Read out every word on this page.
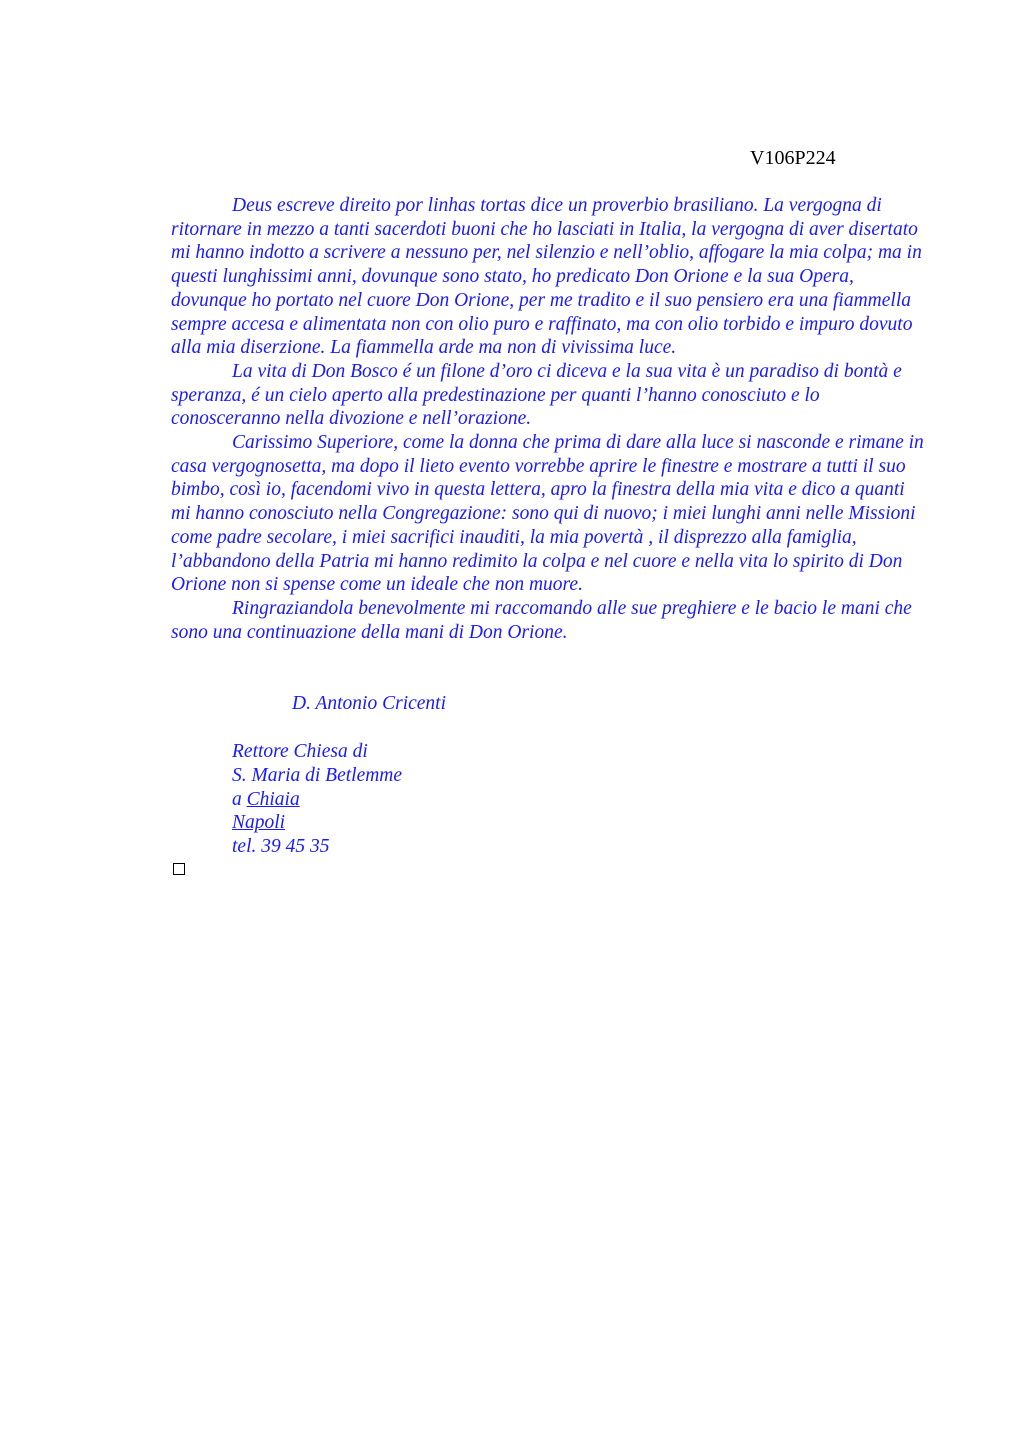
V106P224

Deus escreve direito por linhas tortas dice un proverbio brasiliano. La vergogna di ritornare in mezzo a tanti sacerdoti buoni che ho lasciati in Italia, la vergogna di aver disertato mi hanno indotto a scrivere a nessuno per, nel silenzio e nell’oblio, affogare la mia colpa; ma in questi lunghissimi anni, dovunque sono stato, ho predicato Don Orione e la sua Opera, dovunque ho portato nel cuore Don Orione, per me tradito e il suo pensiero era una fiammella sempre accesa e alimentata non con olio puro e raffinato, ma con olio torbido e impuro dovuto alla mia diserzione. La fiammella arde ma non di vivissima luce.

La vita di Don Bosco é un filone d’oro ci diceva e la sua vita è un paradiso di bontà e speranza, é un cielo aperto alla predestinazione per quanti l’hanno conosciuto e lo conosceranno nella divozione e nell’orazione.

Carissimo Superiore, come la donna che prima di dare alla luce si nasconde e rimane in casa vergognosetta, ma dopo il lieto evento vorrebbe aprire le finestre e mostrare a tutti il suo bimbo, così io, facendomi vivo in questa lettera, apro la finestra della mia vita e dico a quanti mi hanno conosciuto nella Congregazione: sono qui di nuovo; i miei lunghi anni nelle Missioni come padre secolare, i miei sacrifici inauditi, la mia povertà , il disprezzo alla famiglia, l’abbandono della Patria mi hanno redimito la colpa e nel cuore e nella vita lo spirito di Don Orione non si spense come un ideale che non muore.

Ringraziandola benevolmente mi raccomando alle sue preghiere e le bacio le mani che sono una continuazione della mani di Don Orione.

D. Antonio Cricenti
Rettore Chiesa di
S. Maria di Betlemme
a Chiaia
Napoli
tel. 39 45 35
